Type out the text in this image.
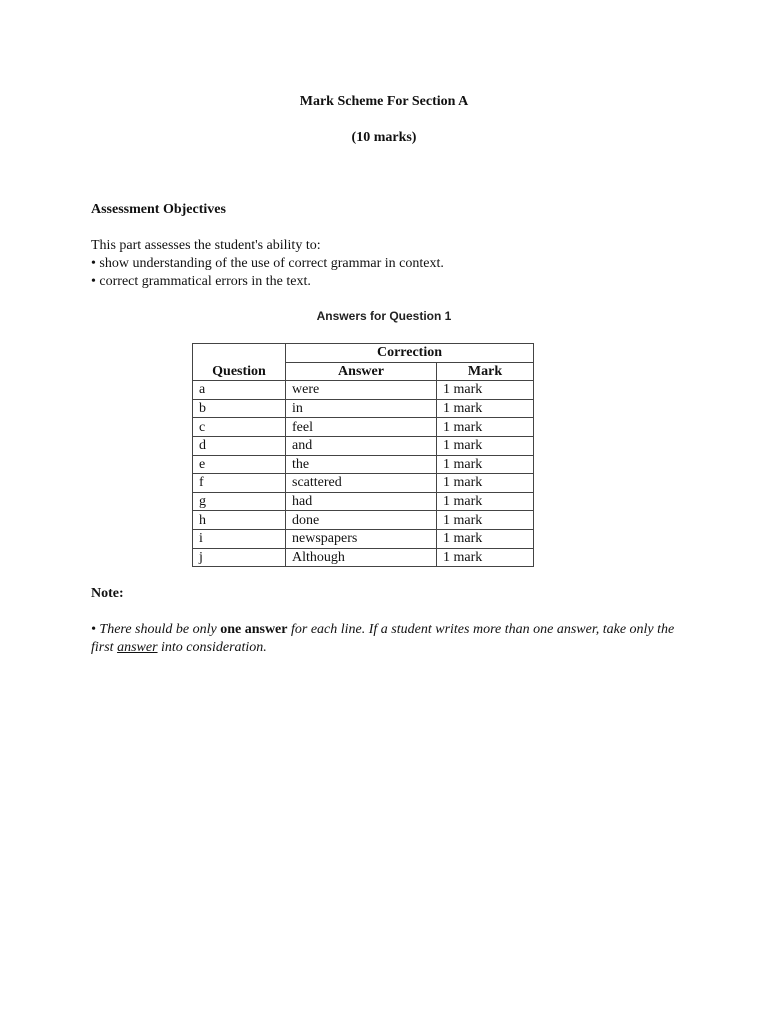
Mark Scheme For Section A
(10 marks)
Assessment Objectives
This part assesses the student's ability to:
• show understanding of the use of correct grammar in context.
• correct grammatical errors in the text.
Answers for Question 1
	Correction	
Question	Answer	Mark
a	were	1 mark
b	in	1 mark
c	feel	1 mark
d	and	1 mark
e	the	1 mark
f	scattered	1 mark
g	had	1 mark
h	done	1 mark
i	newspapers	1 mark
j	Although	1 mark
Note:
• There should be only one answer for each line. If a student writes more than one answer, take only the first answer into consideration.
